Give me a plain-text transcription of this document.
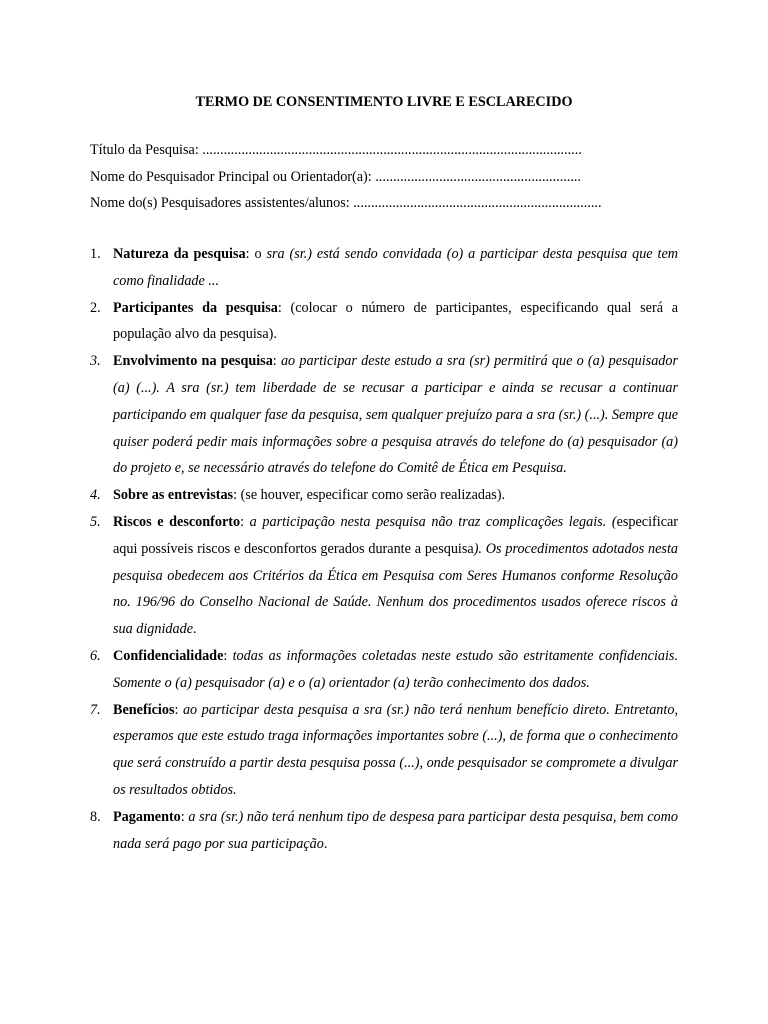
TERMO DE CONSENTIMENTO LIVRE E ESCLARECIDO
Título da Pesquisa: ...........................................................................................................
Nome do Pesquisador Principal ou Orientador(a): ..........................................................
Nome do(s) Pesquisadores assistentes/alunos: ......................................................................
1. Natureza da pesquisa: o sra (sr.) está sendo convidada (o) a participar desta pesquisa que tem como finalidade ...
2. Participantes da pesquisa: (colocar o número de participantes, especificando qual será a população alvo da pesquisa).
3. Envolvimento na pesquisa: ao participar deste estudo a sra (sr) permitirá que o (a) pesquisador (a) (...). A sra (sr.) tem liberdade de se recusar a participar e ainda se recusar a continuar participando em qualquer fase da pesquisa, sem qualquer prejuízo para a sra (sr.) (...). Sempre que quiser poderá pedir mais informações sobre a pesquisa através do telefone do (a) pesquisador (a) do projeto e, se necessário através do telefone do Comitê de Ética em Pesquisa.
4. Sobre as entrevistas: (se houver, especificar como serão realizadas).
5. Riscos e desconforto: a participação nesta pesquisa não traz complicações legais. (especificar aqui possíveis riscos e desconfortos gerados durante a pesquisa). Os procedimentos adotados nesta pesquisa obedecem aos Critérios da Ética em Pesquisa com Seres Humanos conforme Resolução no. 196/96 do Conselho Nacional de Saúde. Nenhum dos procedimentos usados oferece riscos à sua dignidade.
6. Confidencialidade: todas as informações coletadas neste estudo são estritamente confidenciais. Somente o (a) pesquisador (a) e o (a) orientador (a) terão conhecimento dos dados.
7. Benefícios: ao participar desta pesquisa a sra (sr.) não terá nenhum benefício direto. Entretanto, esperamos que este estudo traga informações importantes sobre (...), de forma que o conhecimento que será construído a partir desta pesquisa possa (...), onde pesquisador se compromete a divulgar os resultados obtidos.
8. Pagamento: a sra (sr.) não terá nenhum tipo de despesa para participar desta pesquisa, bem como nada será pago por sua participação.
